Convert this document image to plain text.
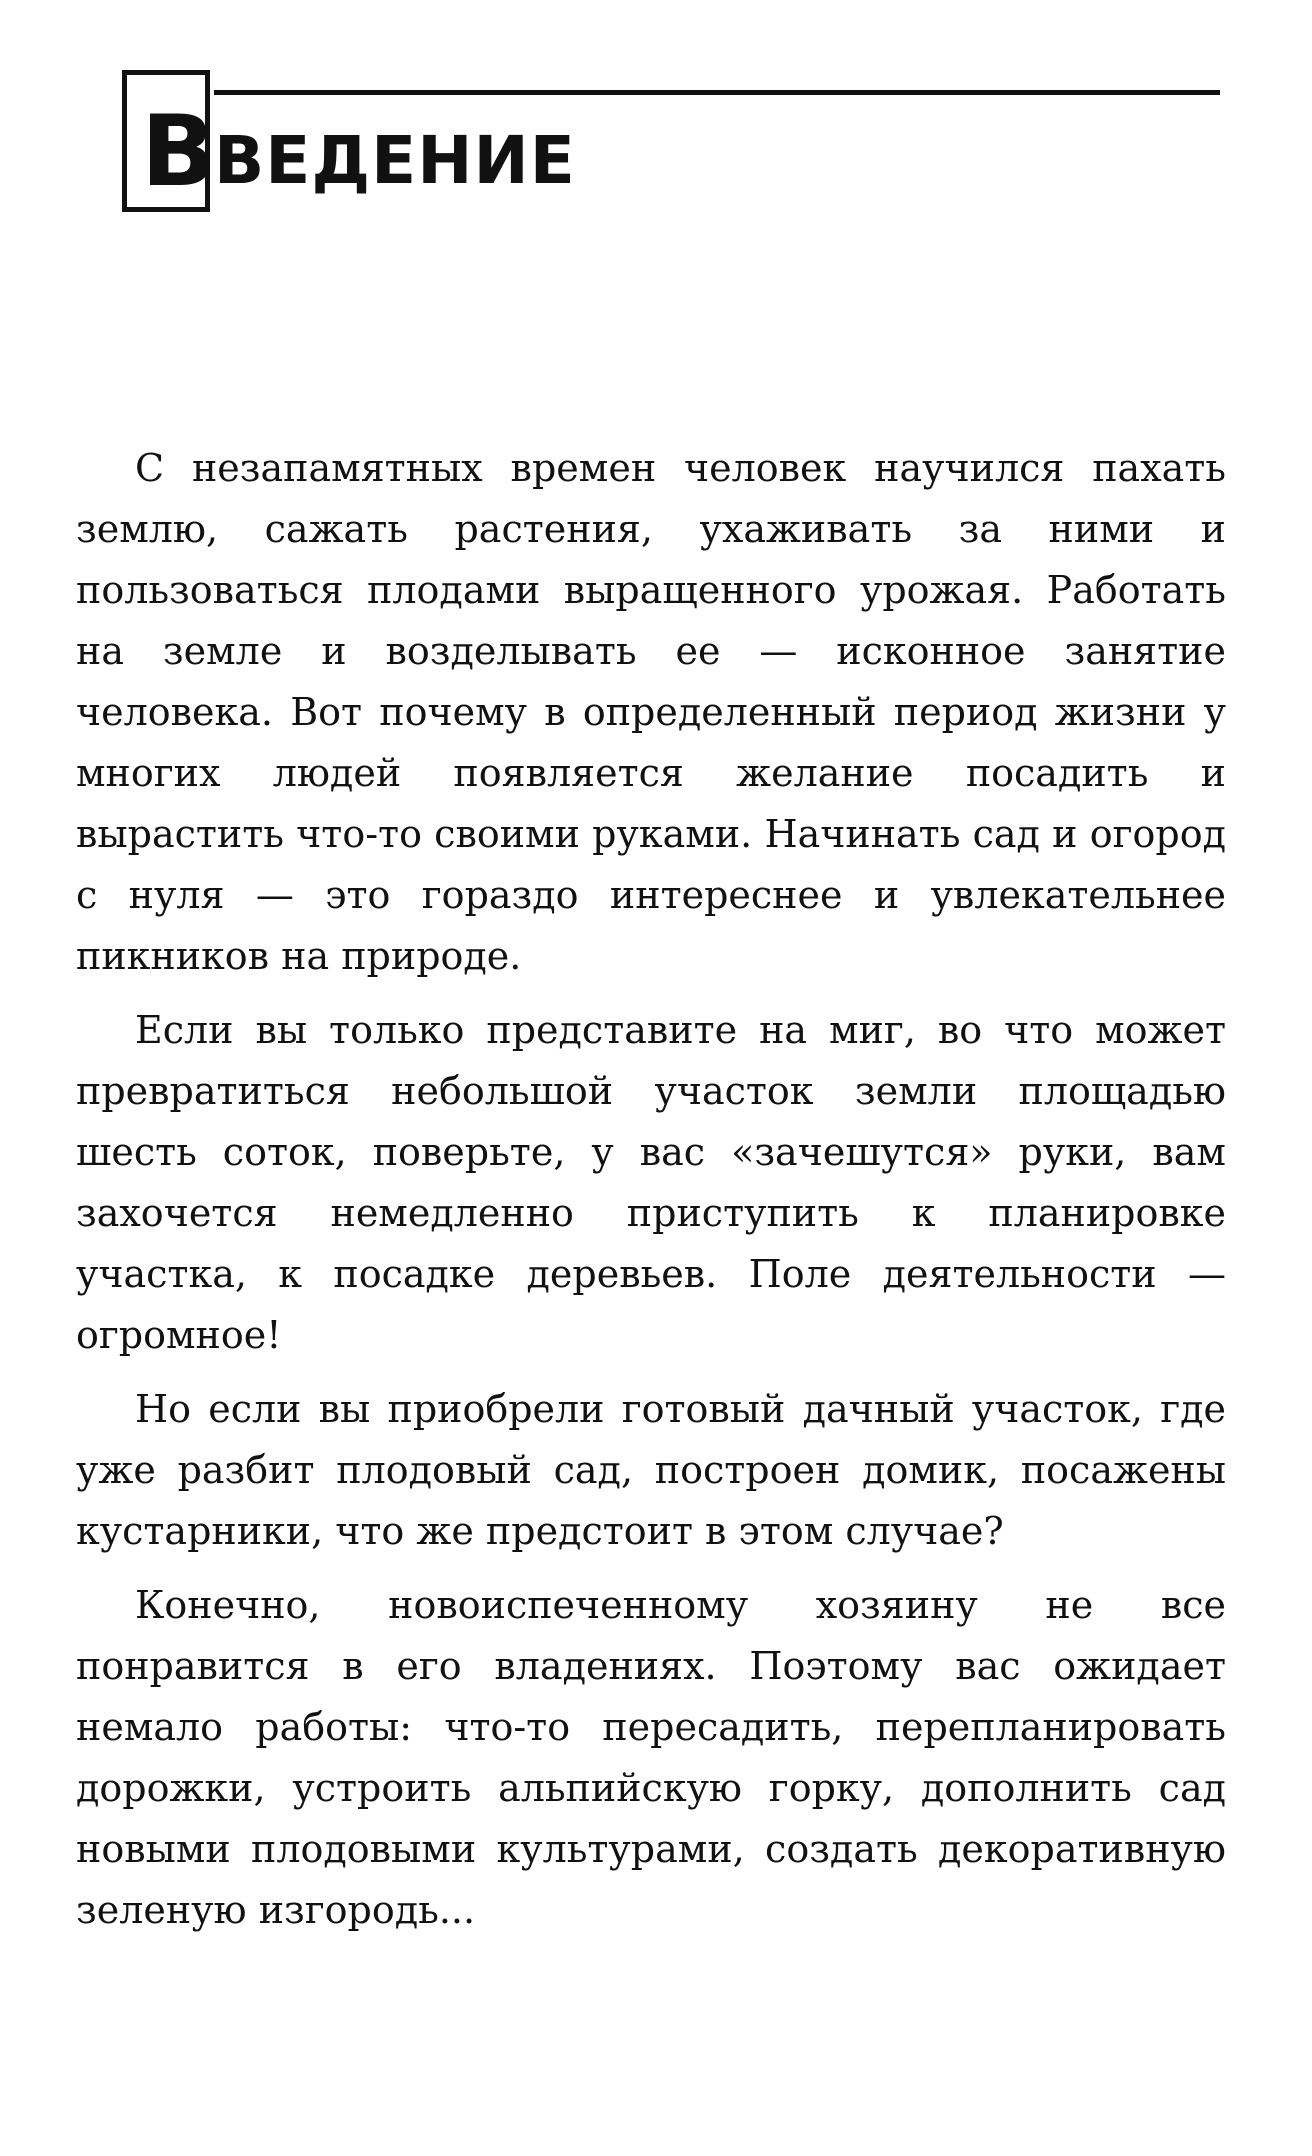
В
ВЕДЕНИЕ

С незапамятных времен человек научился пахать землю, сажать растения, ухаживать за ними и пользоваться плодами выращенного урожая. Работать на земле и возделывать ее — исконное занятие человека. Вот почему в определенный период жизни у многих людей появляется желание посадить и вырастить что-то своими руками. Начинать сад и огород с нуля — это гораздо интереснее и увлекательнее пикников на природе.

Если вы только представите на миг, во что может превратиться небольшой участок земли площадью шесть соток, поверьте, у вас «зачешутся» руки, вам захочется немедленно приступить к планировке участка, к посадке деревьев. Поле деятельности — огромное!

Но если вы приобрели готовый дачный участок, где уже разбит плодовый сад, построен домик, посажены кустарники, что же предстоит в этом случае?

Конечно, новоиспеченному хозяину не все понравится в его владениях. Поэтому вас ожидает немало работы: что-то пересадить, перепланировать дорожки, устроить альпийскую горку, дополнить сад новыми плодовыми культурами, создать декоративную зеленую изгородь...
